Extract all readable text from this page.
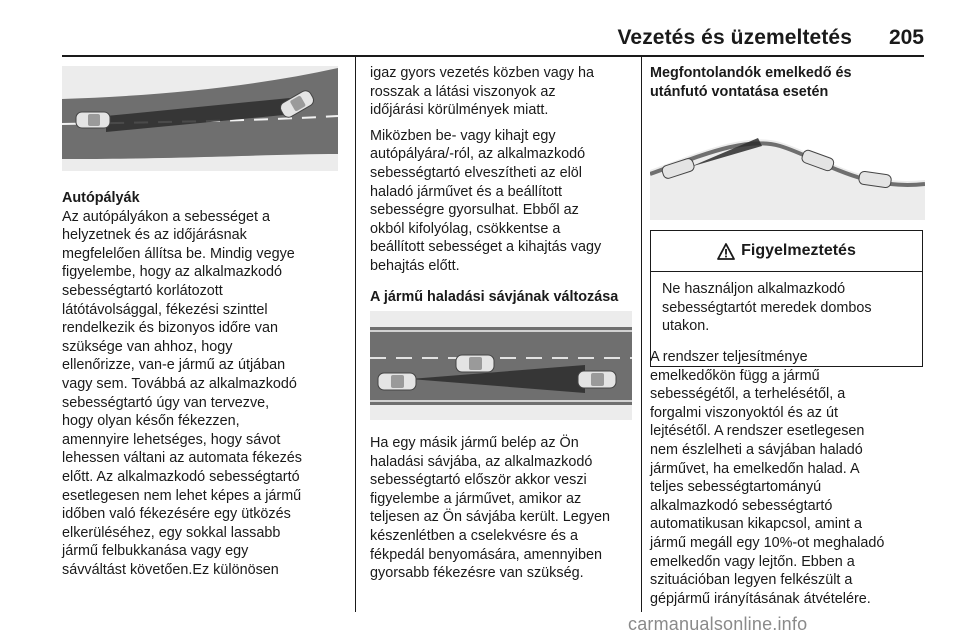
Vezetés és üzemeltetés	205

Autópályák

Az autópályákon a sebességet a
helyzetnek és az időjárásnak
megfelelően állítsa be. Mindig vegye
figyelembe, hogy az alkalmazkodó
sebességtartó korlátozott
látótávolsággal, fékezési szinttel
rendelkezik és bizonyos időre van
szüksége van ahhoz, hogy
ellenőrizze, van-e jármű az útjában
vagy sem. Továbbá az alkalmazkodó
sebességtartó úgy van tervezve,
hogy olyan későn fékezzen,
amennyire lehetséges, hogy sávot
lehessen váltani az automata fékezés
előtt. Az alkalmazkodó sebességtartó
esetlegesen nem lehet képes a jármű
időben való fékezésére egy ütközés
elkerüléséhez, egy sokkal lassabb
jármű felbukkanása vagy egy
sávváltást követően.Ez különösen
igaz gyors vezetés közben vagy ha
rosszak a látási viszonyok az
időjárási körülmények miatt.
Miközben be- vagy kihajt egy
autópályára/-ról, az alkalmazkodó
sebességtartó elveszítheti az elöl
haladó járművet és a beállított
sebességre gyorsulhat. Ebből az
okból kifolyólag, csökkentse a
beállított sebességet a kihajtás vagy
behajtás előtt.

A jármű haladási sávjának változása

Ha egy másik jármű belép az Ön
haladási sávjába, az alkalmazkodó
sebességtartó először akkor veszi
figyelembe a járművet, amikor az
teljesen az Ön sávjába került. Legyen
készenlétben a cselekvésre és a
fékpedál benyomására, amennyiben
gyorsabb fékezésre van szükség.
Megfontolandók emelkedő és
utánfutó vontatása esetén
Figyelmeztetés
Ne használjon alkalmazkodó
sebességtartót meredek dombos
utakon.
A rendszer teljesítménye
emelkedőkön függ a jármű
sebességétől, a terhelésétől, a
forgalmi viszonyoktól és az út
lejtésétől. A rendszer esetlegesen
nem észlelheti a sávjában haladó
járművet, ha emelkedőn halad. A
teljes sebességtartományú
alkalmazkodó sebességtartó
automatikusan kikapcsol, amint a
jármű megáll egy 10%-ot meghaladó
emelkedőn vagy lejtőn. Ebben a
szituációban legyen felkészült a
gépjármű irányításának átvételére.
carmanualsonline.info
